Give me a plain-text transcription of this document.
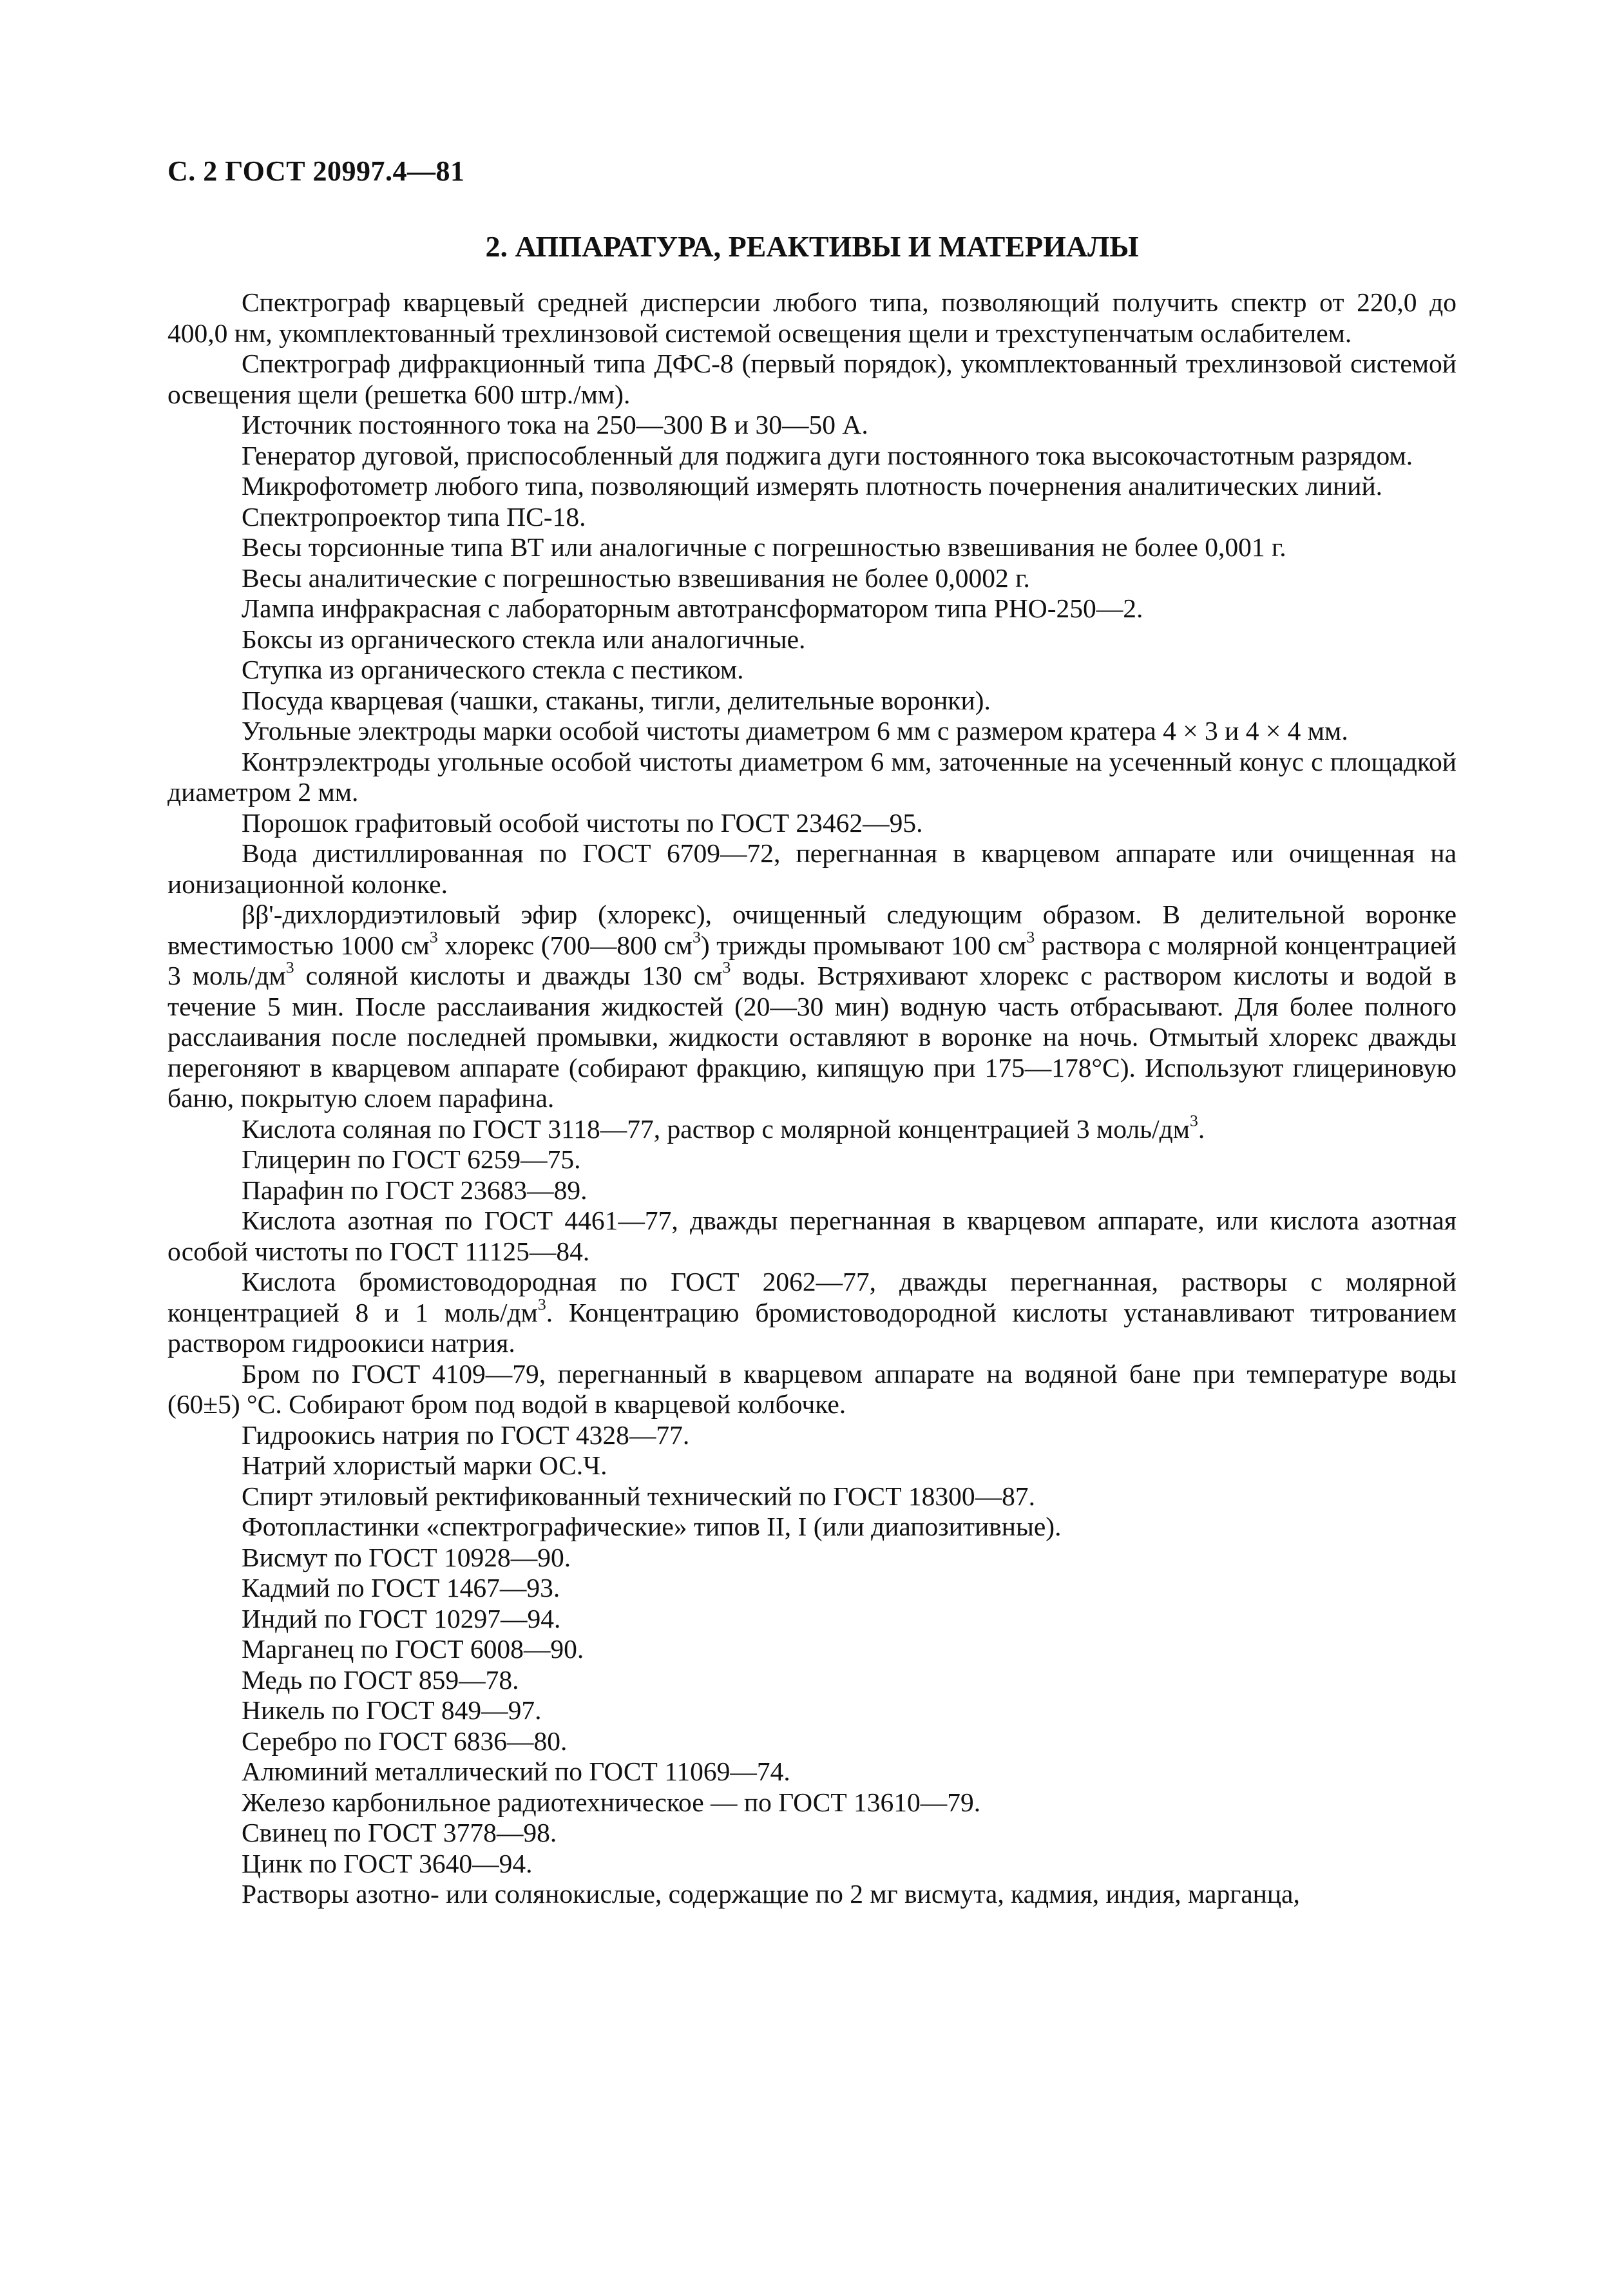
С. 2 ГОСТ 20997.4—81
2. АППАРАТУРА, РЕАКТИВЫ И МАТЕРИАЛЫ

Спектрограф кварцевый средней дисперсии любого типа, позволяющий получить спектр от 220,0 до 400,0 нм, укомплектованный трехлинзовой системой освещения щели и трехступенчатым ослабителем.

Спектрограф дифракционный типа ДФС-8 (первый порядок), укомплектованный трехлинзовой системой освещения щели (решетка 600 штр./мм).

Источник постоянного тока на 250—300 В и 30—50 А.

Генератор дуговой, приспособленный для поджига дуги постоянного тока высокочастотным разрядом.

Микрофотометр любого типа, позволяющий измерять плотность почернения аналитических линий.

Спектропроектор типа ПС-18.

Весы торсионные типа ВТ или аналогичные с погрешностью взвешивания не более 0,001 г.

Весы аналитические с погрешностью взвешивания не более 0,0002 г.

Лампа инфракрасная с лабораторным автотрансформатором типа РНО-250—2.

Боксы из органического стекла или аналогичные.

Ступка из органического стекла с пестиком.

Посуда кварцевая (чашки, стаканы, тигли, делительные воронки).

Угольные электроды марки особой чистоты диаметром 6 мм с размером кратера 4 × 3 и 4 × 4 мм.

Контрэлектроды угольные особой чистоты диаметром 6 мм, заточенные на усеченный конус с площадкой диаметром 2 мм.

Порошок графитовый особой чистоты по ГОСТ 23462—95.

Вода дистиллированная по ГОСТ 6709—72, перегнанная в кварцевом аппарате или очищенная на ионизационной колонке.

ββ'-дихлордиэтиловый эфир (хлорекс), очищенный следующим образом. В делительной воронке вместимостью 1000 $см^3$ хлорекс (700—800 $см^3$) трижды промывают 100 $см^3$ раствора с молярной концентрацией 3 моль/$дм^3$ соляной кислоты и дважды 130 $см^3$ воды. Встряхивают хлорекс с раствором кислоты и водой в течение 5 мин. После расслаивания жидкостей (20—30 мин) водную часть отбрасывают. Для более полного расслаивания после последней промывки, жидкости оставляют в воронке на ночь. Отмытый хлорекс дважды перегоняют в кварцевом аппарате (собирают фракцию, кипящую при 175—178°С). Используют глицериновую баню, покрытую слоем парафина.

Кислота соляная по ГОСТ 3118—77, раствор с молярной концентрацией 3 моль/$дм^3$.

Глицерин по ГОСТ 6259—75.

Парафин по ГОСТ 23683—89.

Кислота азотная по ГОСТ 4461—77, дважды перегнанная в кварцевом аппарате, или кислота азотная особой чистоты по ГОСТ 11125—84.

Кислота бромистоводородная по ГОСТ 2062—77, дважды перегнанная, растворы с молярной концентрацией 8 и 1 моль/$дм^3$. Концентрацию бромистоводородной кислоты устанавливают титрованием раствором гидроокиси натрия.

Бром по ГОСТ 4109—79, перегнанный в кварцевом аппарате на водяной бане при температуре воды (60±5) °С. Собирают бром под водой в кварцевой колбочке.

Гидроокись натрия по ГОСТ 4328—77.

Натрий хлористый марки ОС.Ч.

Спирт этиловый ректификованный технический по ГОСТ 18300—87.

Фотопластинки «спектрографические» типов II, I (или диапозитивные).

Висмут по ГОСТ 10928—90.

Кадмий по ГОСТ 1467—93.

Индий по ГОСТ 10297—94.

Марганец по ГОСТ 6008—90.

Медь по ГОСТ 859—78.

Никель по ГОСТ 849—97.

Серебро по ГОСТ 6836—80.

Алюминий металлический по ГОСТ 11069—74.

Железо карбонильное радиотехническое — по ГОСТ 13610—79.

Свинец по ГОСТ 3778—98.

Цинк по ГОСТ 3640—94.

Растворы азотно- или солянокислые, содержащие по 2 мг висмута, кадмия, индия, марганца,
